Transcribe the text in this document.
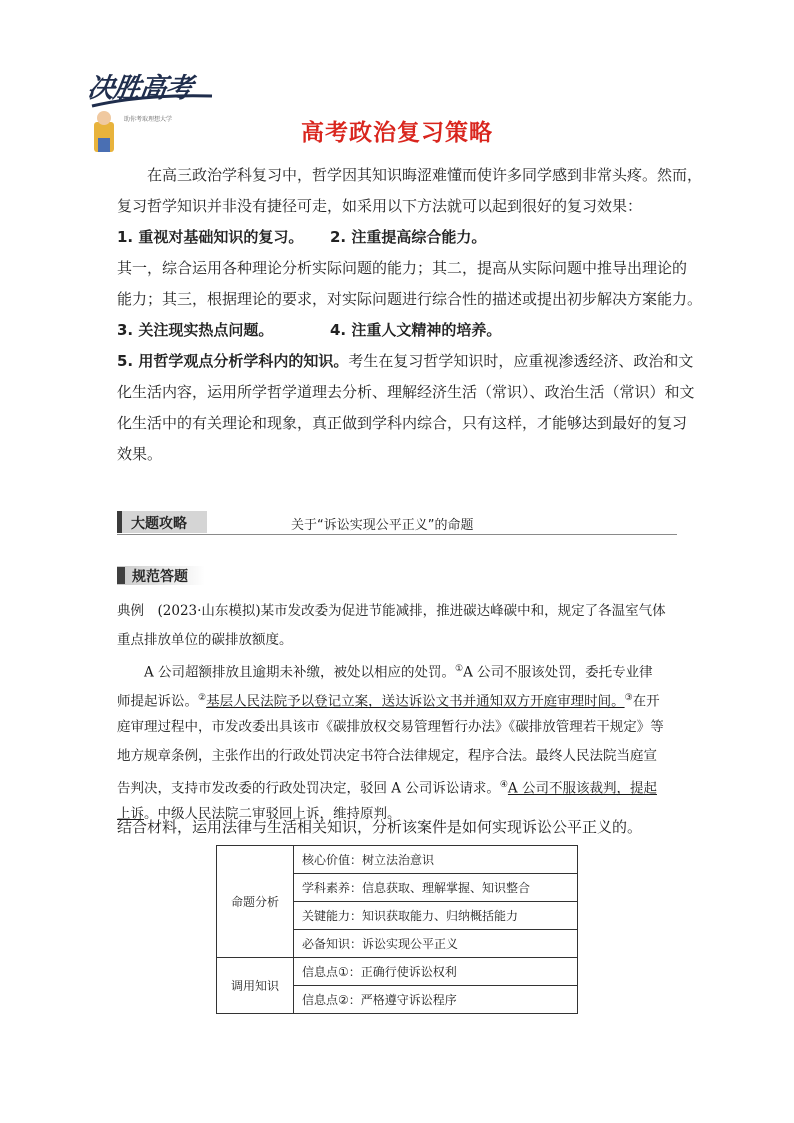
决胜高考
助你考取理想大学
高考政治复习策略
在高三政治学科复习中，哲学因其知识晦涩难懂而使许多同学感到非常头疼。然而，
复习哲学知识并非没有捷径可走，如采用以下方法就可以起到很好的复习效果：
1. 重视对基础知识的复习。	2. 注重提高综合能力。
其一，综合运用各种理论分析实际问题的能力；其二，提高从实际问题中推导出理论的
能力；其三，根据理论的要求，对实际问题进行综合性的描述或提出初步解决方案能力。
3. 关注现实热点问题。	4. 注重人文精神的培养。
5. 用哲学观点分析学科内的知识。考生在复习哲学知识时，应重视渗透经济、政治和文
化生活内容，运用所学哲学道理去分析、理解经济生活（常识）、政治生活（常识）和文
化生活中的有关理论和现象，真正做到学科内综合，只有这样，才能够达到最好的复习
效果。
大题攻略	关于“诉讼实现公平正义”的命题
规范答题
典例　(2023·山东模拟)某市发改委为促进节能减排，推进碳达峰碳中和，规定了各温室气体
重点排放单位的碳排放额度。
A 公司超额排放且逾期未补缴，被处以相应的处罚。①A 公司不服该处罚，委托专业律
师提起诉讼。②基层人民法院予以登记立案，送达诉讼文书并通知双方开庭审理时间。③在开
庭审理过程中，市发改委出具该市《碳排放权交易管理暂行办法》《碳排放管理若干规定》等
地方规章条例，主张作出的行政处罚决定书符合法律规定，程序合法。最终人民法院当庭宣
告判决，支持市发改委的行政处罚决定，驳回 A 公司诉讼请求。④A 公司不服该裁判，提起
上诉。中级人民法院二审驳回上诉，维持原判。
结合材料，运用法律与生活相关知识，分析该案件是如何实现诉讼公平正义的。
命题分析	核心价值：树立法治意识
	学科素养：信息获取、理解掌握、知识整合
	关键能力：知识获取能力、归纳概括能力
	必备知识：诉讼实现公平正义
调用知识	信息点①：正确行使诉讼权利
	信息点②：严格遵守诉讼程序
